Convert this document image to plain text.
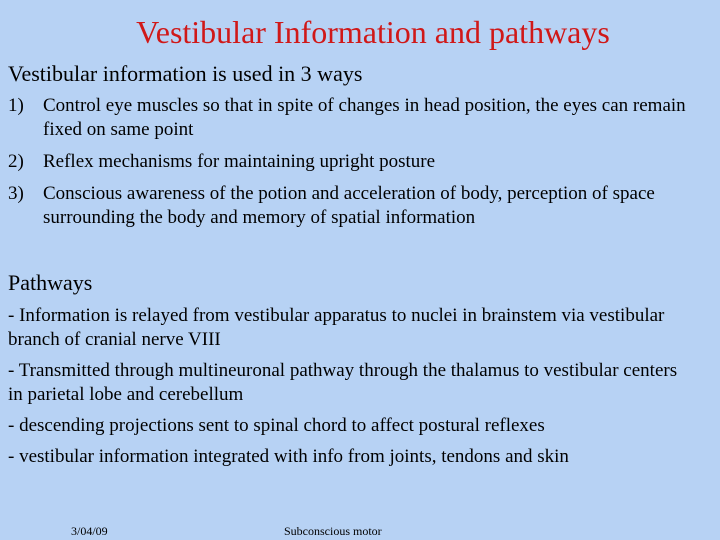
Vestibular Information and pathways
Vestibular information is used in 3 ways
1) Control eye muscles so that in spite of changes in head position, the eyes can remain fixed on same point
2) Reflex mechanisms for maintaining upright posture
3) Conscious awareness of the potion and acceleration of body, perception of space surrounding the body and memory of spatial information
Pathways
- Information is relayed from vestibular apparatus to nuclei in brainstem via vestibular branch of cranial nerve VIII
- Transmitted through multineuronal pathway through the thalamus to vestibular centers in parietal lobe and cerebellum
- descending projections sent to spinal chord to affect postural reflexes
- vestibular information integrated with info from joints, tendons and skin
3/04/09	Subconscious motor
